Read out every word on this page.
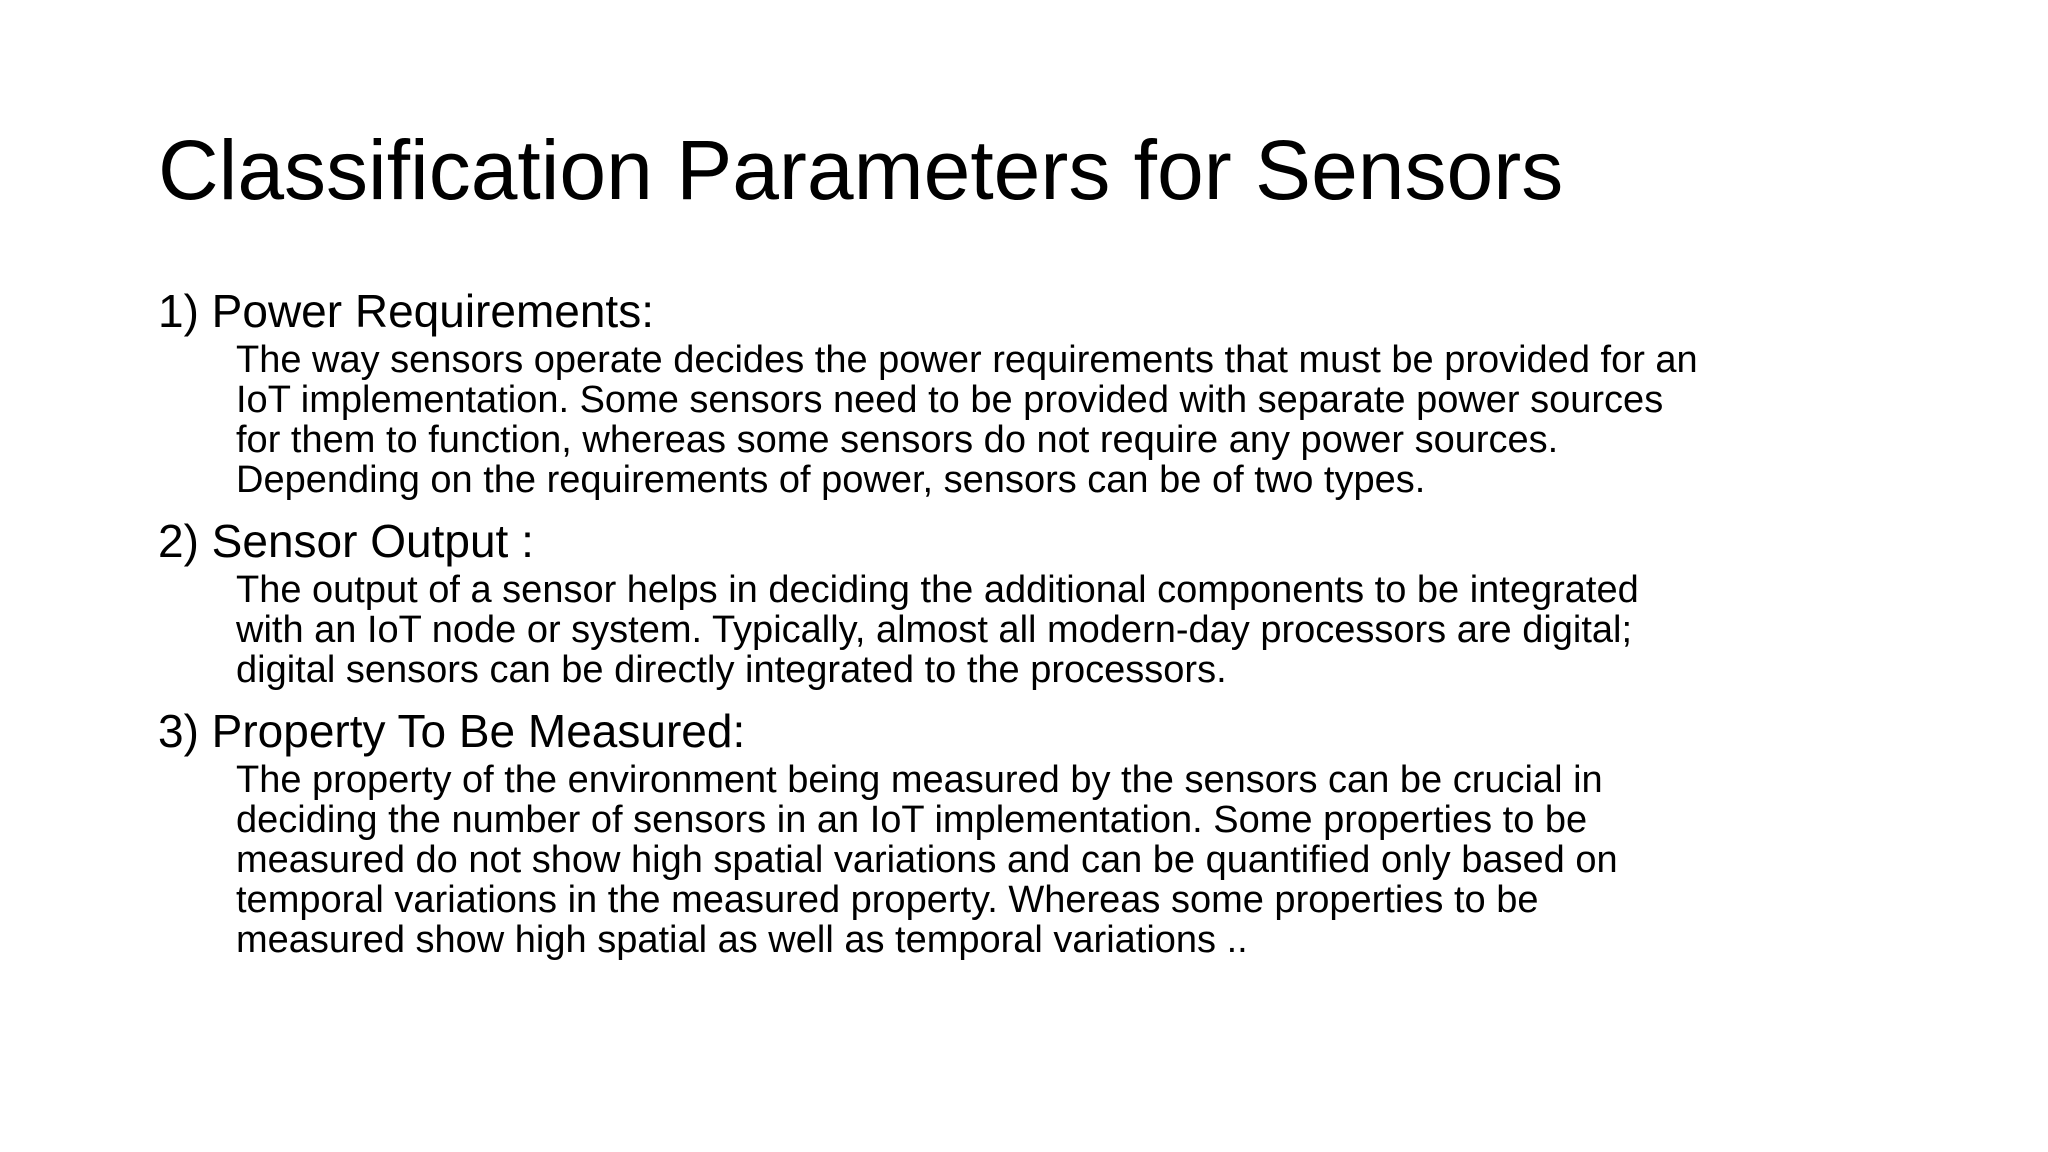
Classification Parameters for Sensors
1) Power Requirements:
The way sensors operate decides the power requirements that must be provided for an
IoT implementation. Some sensors need to be provided with separate power sources
for them to function, whereas some sensors do not require any power sources.
Depending on the requirements of power, sensors can be of two types.
2) Sensor Output :
The output of a sensor helps in deciding the additional components to be integrated
with an IoT node or system. Typically, almost all modern-day processors are digital;
digital sensors can be directly integrated to the processors.
3) Property To Be Measured:
The property of the environment being measured by the sensors can be crucial in
deciding the number of sensors in an IoT implementation. Some properties to be
measured do not show high spatial variations and can be quantified only based on
temporal variations in the measured property. Whereas some properties to be
measured show high spatial as well as temporal variations ..
